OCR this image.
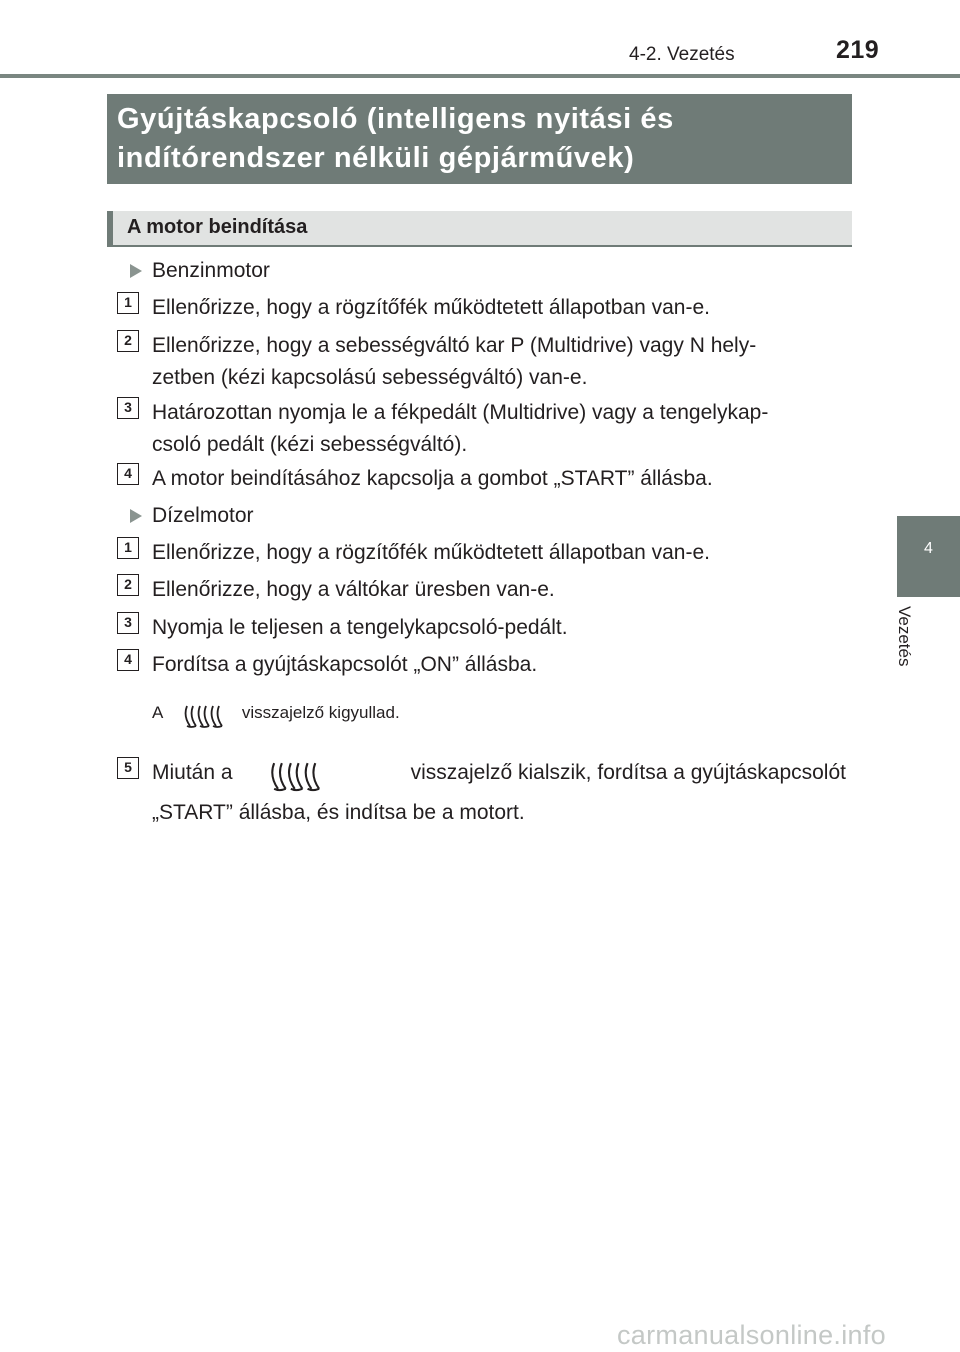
4-2. Vezetés	219
4
Vezetés
Gyújtáskapcsoló (intelligens nyitási és
indítórendszer nélküli gépjárművek)
A motor beindítása
Benzinmotor
1 Ellenőrizze, hogy a rögzítőfék működtetett állapotban van-e.
2 Ellenőrizze, hogy a sebességváltó kar P (Multidrive) vagy N hely-
zetben (kézi kapcsolású sebességváltó) van-e.
3 Határozottan nyomja le a fékpedált (Multidrive) vagy a tengelykap-
csoló pedált (kézi sebességváltó).
4 A motor beindításához kapcsolja a gombot „START” állásba.
Dízelmotor
1 Ellenőrizze, hogy a rögzítőfék működtetett állapotban van-e.
2 Ellenőrizze, hogy a váltókar üresben van-e.
3 Nyomja le teljesen a tengelykapcsoló-pedált.
4 Fordítsa a gyújtáskapcsolót „ON” állásba.
A	visszajelző kigyullad.
5 Miután a	visszajelző kialszik, fordítsa a gyújtáskapcsolót
„START” állásba, és indítsa be a motort.
carmanualsonline.info
